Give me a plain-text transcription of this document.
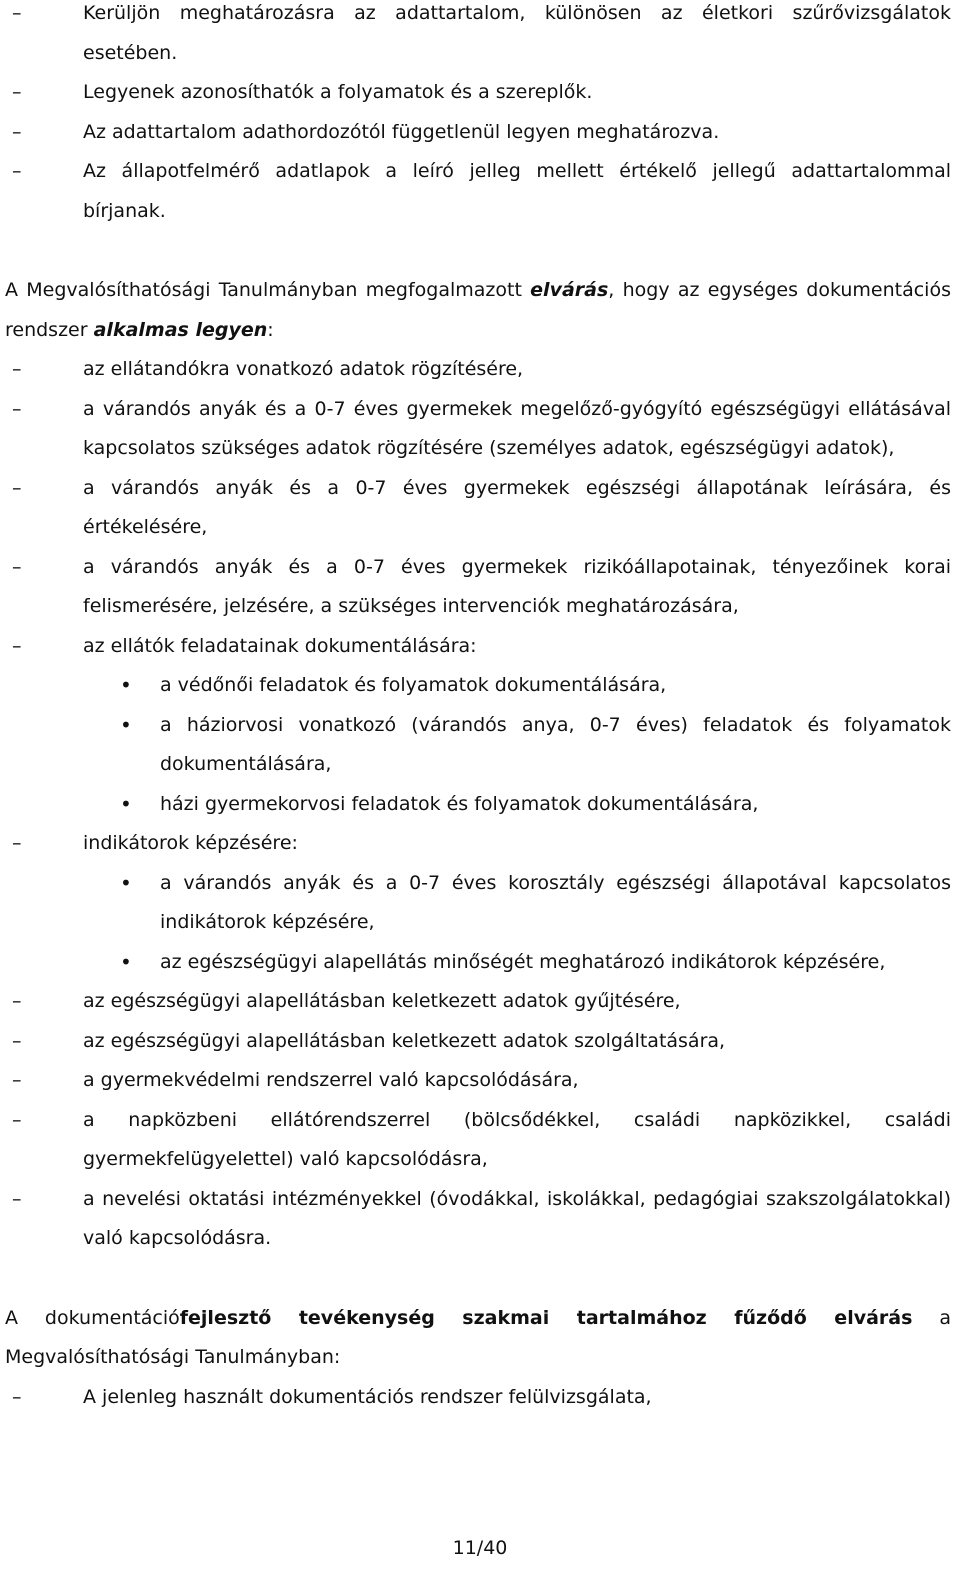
– Kerüljön meghatározásra az adattartalom, különösen az életkori szűrővizsgálatok esetében.
– Legyenek azonosíthatók a folyamatok és a szereplők.
– Az adattartalom adathordozótól függetlenül legyen meghatározva.
– Az állapotfelmérő adatlapok a leíró jelleg mellett értékelő jellegű adattartalommal bírjanak.
A Megvalósíthatósági Tanulmányban megfogalmazott elvárás, hogy az egységes dokumentációs rendszer alkalmas legyen:
– az ellátandókra vonatkozó adatok rögzítésére,
– a várandós anyák és a 0-7 éves gyermekek megelőző-gyógyító egészségügyi ellátásával kapcsolatos szükséges adatok rögzítésére (személyes adatok, egészségügyi adatok),
– a várandós anyák és a 0-7 éves gyermekek egészségi állapotának leírására, és értékelésére,
– a várandós anyák és a 0-7 éves gyermekek rizikóállapotainak, tényezőinek korai felismerésére, jelzésére, a szükséges intervenciók meghatározására,
– az ellátók feladatainak dokumentálására:
• a védőnői feladatok és folyamatok dokumentálására,
• a háziorvosi vonatkozó (várandós anya, 0-7 éves) feladatok és folyamatok dokumentálására,
• házi gyermekorvosi feladatok és folyamatok dokumentálására,
– indikátorok képzésére:
• a várandós anyák és a 0-7 éves korosztály egészségi állapotával kapcsolatos indikátorok képzésére,
• az egészségügyi alapellátás minőségét meghatározó indikátorok képzésére,
– az egészségügyi alapellátásban keletkezett adatok gyűjtésére,
– az egészségügyi alapellátásban keletkezett adatok szolgáltatására,
– a gyermekvédelmi rendszerrel való kapcsolódására,
– a napközbeni ellátórendszerrel (bölcsődékkel, családi napközikkel, családi gyermekfelügyelettel) való kapcsolódásra,
– a nevelési oktatási intézményekkel (óvodákkal, iskolákkal, pedagógiai szakszolgálatokkal) való kapcsolódásra.
A dokumentációfejlesztő tevékenység szakmai tartalmához fűződő elvárás a Megvalósíthatósági Tanulmányban:
– A jelenleg használt dokumentációs rendszer felülvizsgálata,
11/40
